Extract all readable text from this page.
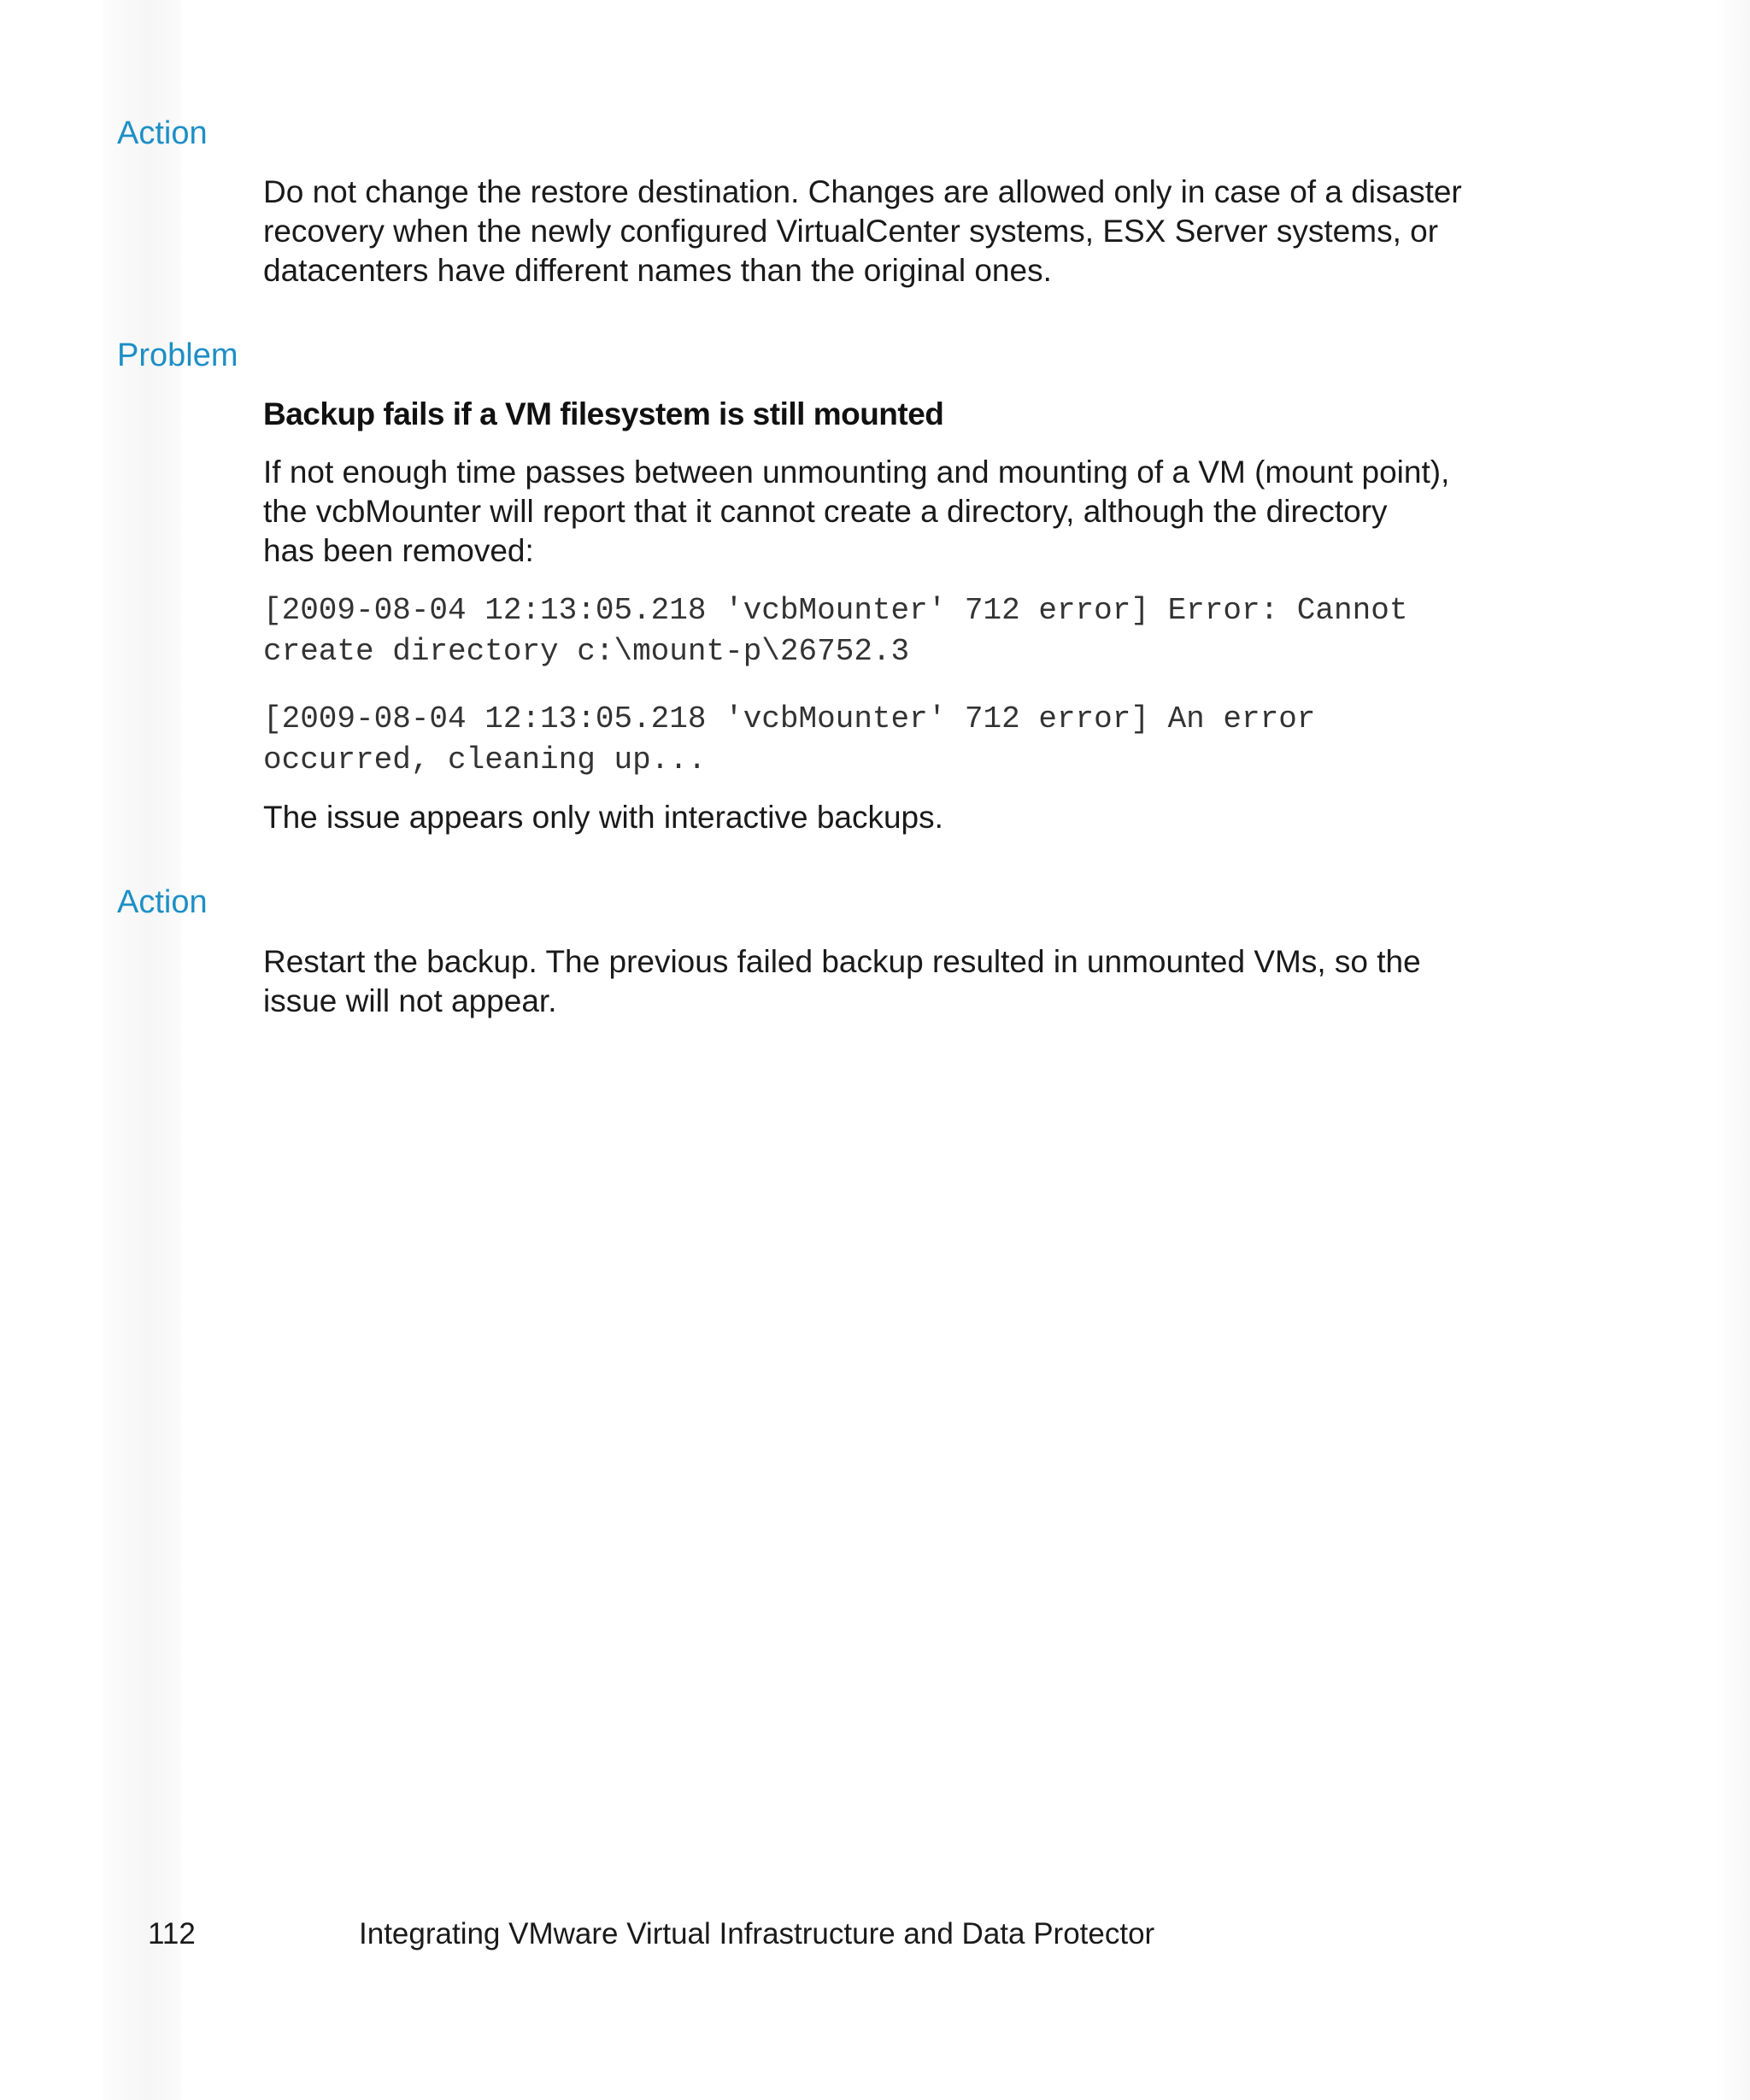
Action

Do not change the restore destination. Changes are allowed only in case of a disaster
recovery when the newly configured VirtualCenter systems, ESX Server systems, or
datacenters have different names than the original ones.

Problem
Backup fails if a VM filesystem is still mounted

If not enough time passes between unmounting and mounting of a VM (mount point),
the vcbMounter will report that it cannot create a directory, although the directory
has been removed:

[2009-08-04 12:13:05.218 'vcbMounter' 712 error] Error: Cannot
create directory c:\mount-p\26752.3
[2009-08-04 12:13:05.218 'vcbMounter' 712 error] An error
occurred, cleaning up...

The issue appears only with interactive backups.

Action

Restart the backup. The previous failed backup resulted in unmounted VMs, so the
issue will not appear.

112	Integrating VMware Virtual Infrastructure and Data Protector
